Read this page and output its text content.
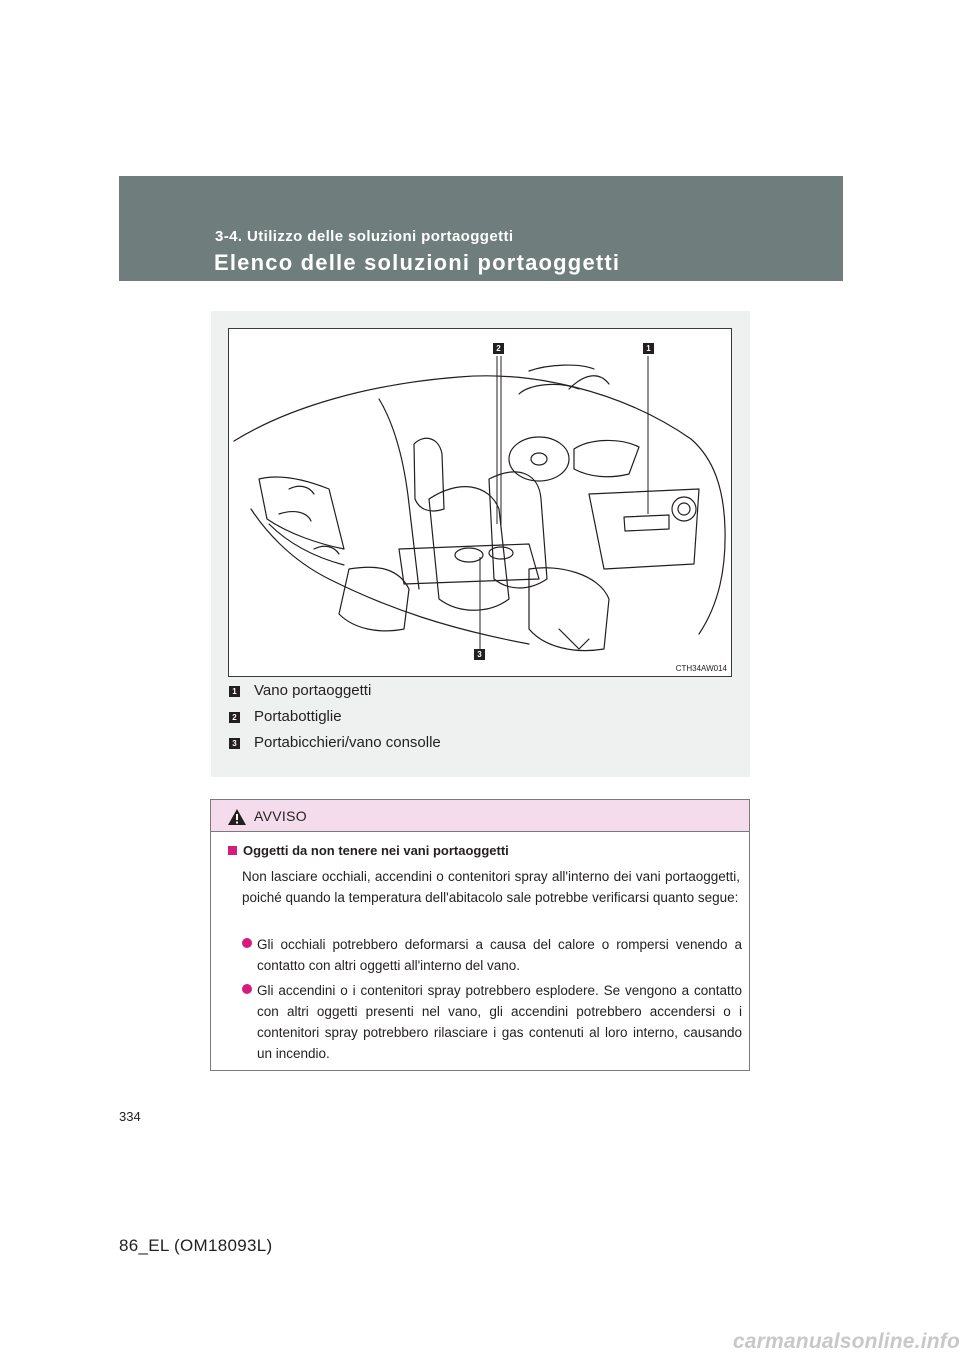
3-4. Utilizzo delle soluzioni portaoggetti

Elenco delle soluzioni portaoggetti
2	1
3
CTH34AW014
1 Vano portaoggetti
2 Portabottiglie
3 Portabicchieri/vano consolle
AVVISO
Oggetti da non tenere nei vani portaoggetti
Non lasciare occhiali, accendini o contenitori spray all'interno dei vani portaoggetti, poiché quando la temperatura dell'abitacolo sale potrebbe verificarsi quanto segue:
Gli occhiali potrebbero deformarsi a causa del calore o rompersi venendo a contatto con altri oggetti all'interno del vano.
Gli accendini o i contenitori spray potrebbero esplodere. Se vengono a contatto con altri oggetti presenti nel vano, gli accendini potrebbero accendersi o i contenitori spray potrebbero rilasciare i gas contenuti al loro interno, causando un incendio.
334
86_EL (OM18093L)
carmanualsonline.info
